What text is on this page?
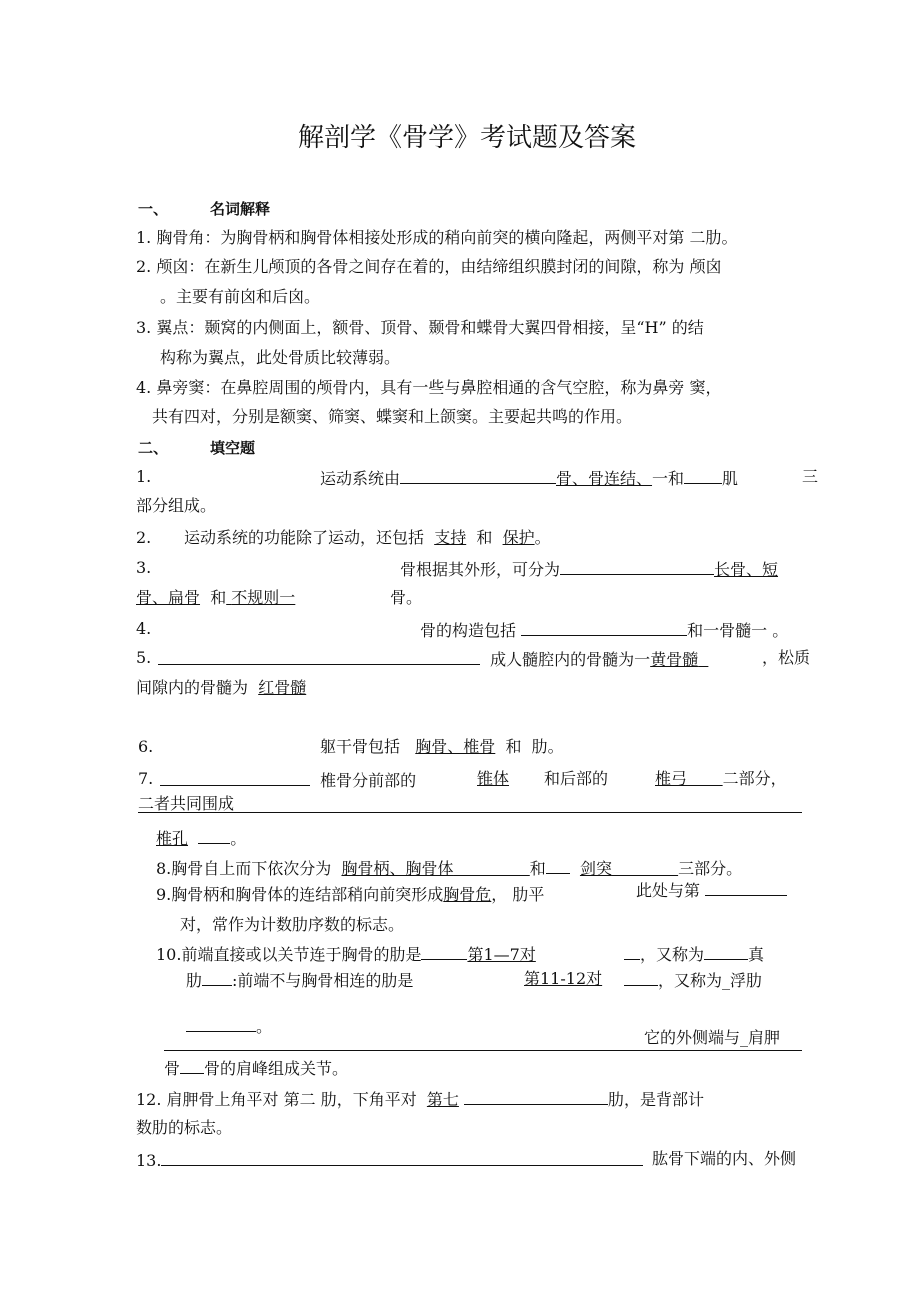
解剖学《骨学》考试题及答案
一、	名词解释
1. 胸骨角：为胸骨柄和胸骨体相接处形成的稍向前突的横向隆起，两侧平对第 二肋。
2. 颅囟：在新生儿颅顶的各骨之间存在着的，由结缔组织膜封闭的间隙，称为 颅囟
。主要有前囟和后囟。
3. 翼点：颞窝的内侧面上，额骨、顶骨、颞骨和蝶骨大翼四骨相接，呈“H” 的结
构称为翼点，此处骨质比较薄弱。
4. 鼻旁窦：在鼻腔周围的颅骨内，具有一些与鼻腔相通的含气空腔，称为鼻旁 窦，
共有四对，分别是额窦、筛窦、蝶窦和上颌窦。主要起共鸣的作用。
二、	填空题
1.	运动系统由	骨、骨连结、一和 肌	三
部分组成。
2. 运动系统的功能除了运动，还包括 支持 和 保护。
3.	骨根据其外形，可分为	长骨、短
骨、扁骨 和 不规则一	骨。
4.	骨的构造包括	和一骨髓一 。
5.	成人髓腔内的骨髓为一黄骨髓	，松质
间隙内的骨髓为 红骨髓
6.	躯干骨包括 胸骨、椎骨 和 肋。
7.	椎骨分前部的	锥体 和后部的	椎弓 二部分，
二者共同围成
椎孔	。
8.胸骨自上而下依次分为 胸骨柄、胸骨体	和 剑突	三部分。
9.胸骨柄和胸骨体的连结部稍向前突形成胸骨危， 肋平	此处与第
对，常作为计数肋序数的标志。
10.前端直接或以关节连于胸骨的肋是	第1—7对	，又称为	真
肋 :前端不与胸骨相连的肋是	第11-12对	，又称为_浮肋
。
它的外侧端与_肩胛
骨 骨的肩峰组成关节。
12. 肩胛骨上角平对 第二 肋，下角平对 第七	肋，是背部计
数肋的标志。
13.	肱骨下端的内、外侧
